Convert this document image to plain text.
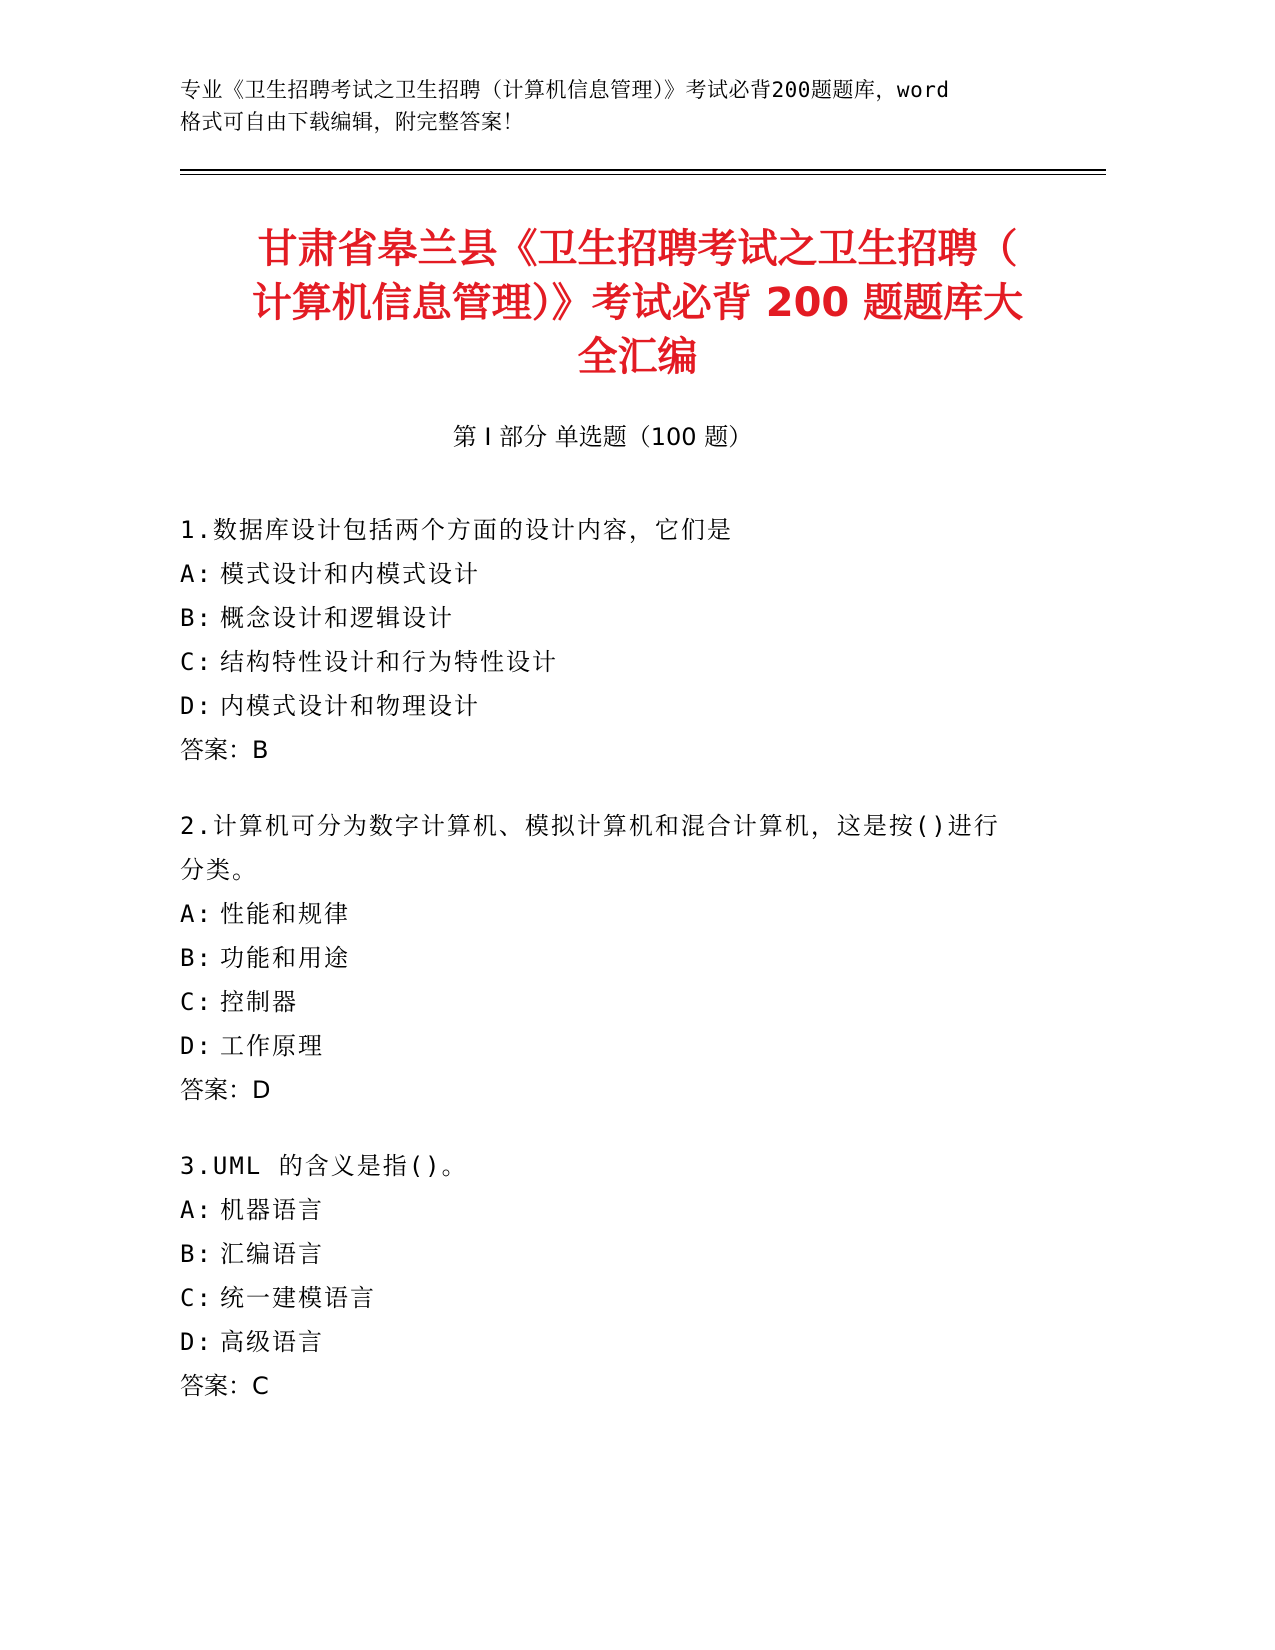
专业《卫生招聘考试之卫生招聘（计算机信息管理）》考试必背200题题库，word
格式可自由下载编辑，附完整答案！
甘肃省皋兰县《卫生招聘考试之卫生招聘（
计算机信息管理）》考试必背 200 题题库大
全汇编
第 I 部分 单选题（100 题）
1.数据库设计包括两个方面的设计内容，它们是
A: 模式设计和内模式设计
B: 概念设计和逻辑设计
C: 结构特性设计和行为特性设计
D: 内模式设计和物理设计
答案：B
2.计算机可分为数字计算机、模拟计算机和混合计算机，这是按()进行分类。
A: 性能和规律
B: 功能和用途
C: 控制器
D: 工作原理
答案：D
3.UML 的含义是指()。
A: 机器语言
B: 汇编语言
C: 统一建模语言
D: 高级语言
答案：C
